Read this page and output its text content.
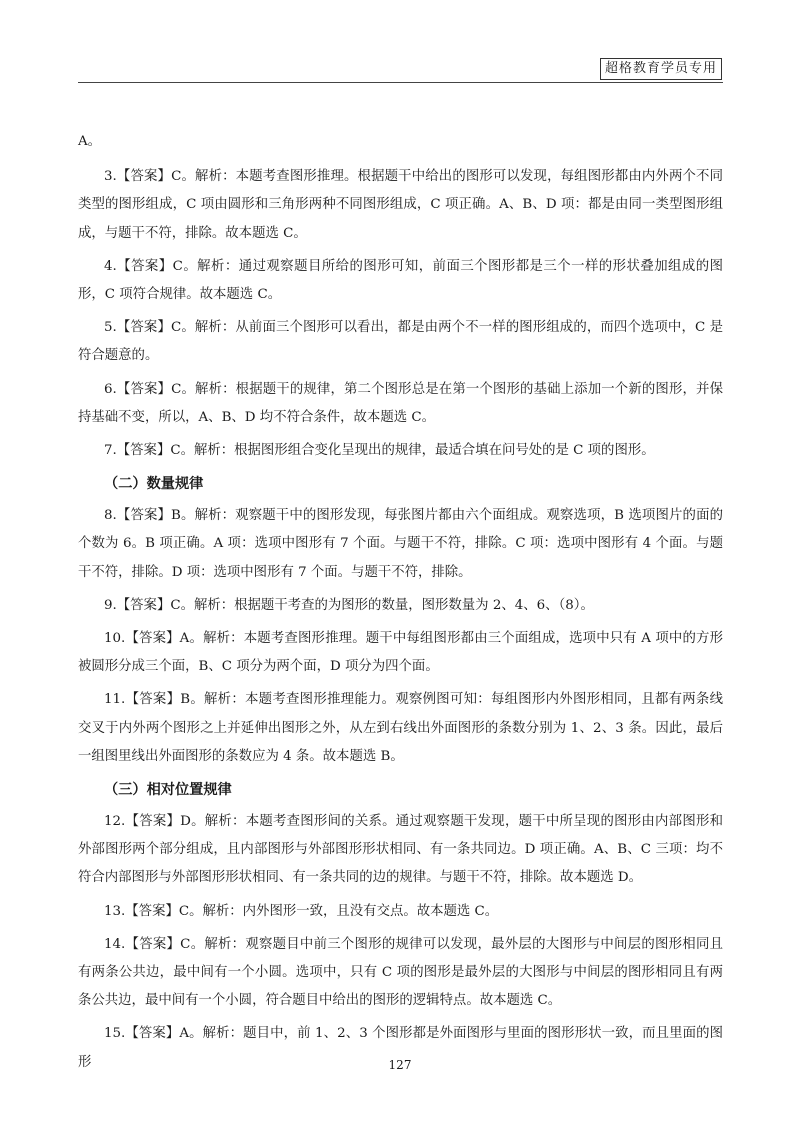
超格教育学员专用
A。
3.【答案】C。解析：本题考查图形推理。根据题干中给出的图形可以发现，每组图形都由内外两个不同类型的图形组成，C 项由圆形和三角形两种不同图形组成，C 项正确。A、B、D 项：都是由同一类型图形组成，与题干不符，排除。故本题选 C。
4.【答案】C。解析：通过观察题目所给的图形可知，前面三个图形都是三个一样的形状叠加组成的图形，C 项符合规律。故本题选 C。
5.【答案】C。解析：从前面三个图形可以看出，都是由两个不一样的图形组成的，而四个选项中，C 是符合题意的。
6.【答案】C。解析：根据题干的规律，第二个图形总是在第一个图形的基础上添加一个新的图形，并保持基础不变，所以，A、B、D 均不符合条件，故本题选 C。
7.【答案】C。解析：根据图形组合变化呈现出的规律，最适合填在问号处的是 C 项的图形。
（二）数量规律
8.【答案】B。解析：观察题干中的图形发现，每张图片都由六个面组成。观察选项，B 选项图片的面的个数为 6。B 项正确。A 项：选项中图形有 7 个面。与题干不符，排除。C 项：选项中图形有 4 个面。与题干不符，排除。D 项：选项中图形有 7 个面。与题干不符，排除。
9.【答案】C。解析：根据题干考查的为图形的数量，图形数量为 2、4、6、（8）。
10.【答案】A。解析：本题考查图形推理。题干中每组图形都由三个面组成，选项中只有 A 项中的方形被圆形分成三个面，B、C 项分为两个面，D 项分为四个面。
11.【答案】B。解析：本题考查图形推理能力。观察例图可知：每组图形内外图形相同，且都有两条线交叉于内外两个图形之上并延伸出图形之外，从左到右线出外面图形的条数分别为 1、2、3 条。因此，最后一组图里线出外面图形的条数应为 4 条。故本题选 B。
（三）相对位置规律
12.【答案】D。解析：本题考查图形间的关系。通过观察题干发现，题干中所呈现的图形由内部图形和外部图形两个部分组成，且内部图形与外部图形形状相同、有一条共同边。D 项正确。A、B、C 三项：均不符合内部图形与外部图形形状相同、有一条共同的边的规律。与题干不符，排除。故本题选 D。
13.【答案】C。解析：内外图形一致，且没有交点。故本题选 C。
14.【答案】C。解析：观察题目中前三个图形的规律可以发现，最外层的大图形与中间层的图形相同且有两条公共边，最中间有一个小圆。选项中，只有 C 项的图形是最外层的大图形与中间层的图形相同且有两条公共边，最中间有一个小圆，符合题目中给出的图形的逻辑特点。故本题选 C。
15.【答案】A。解析：题目中，前 1、2、3 个图形都是外面图形与里面的图形形状一致，而且里面的图形	127
